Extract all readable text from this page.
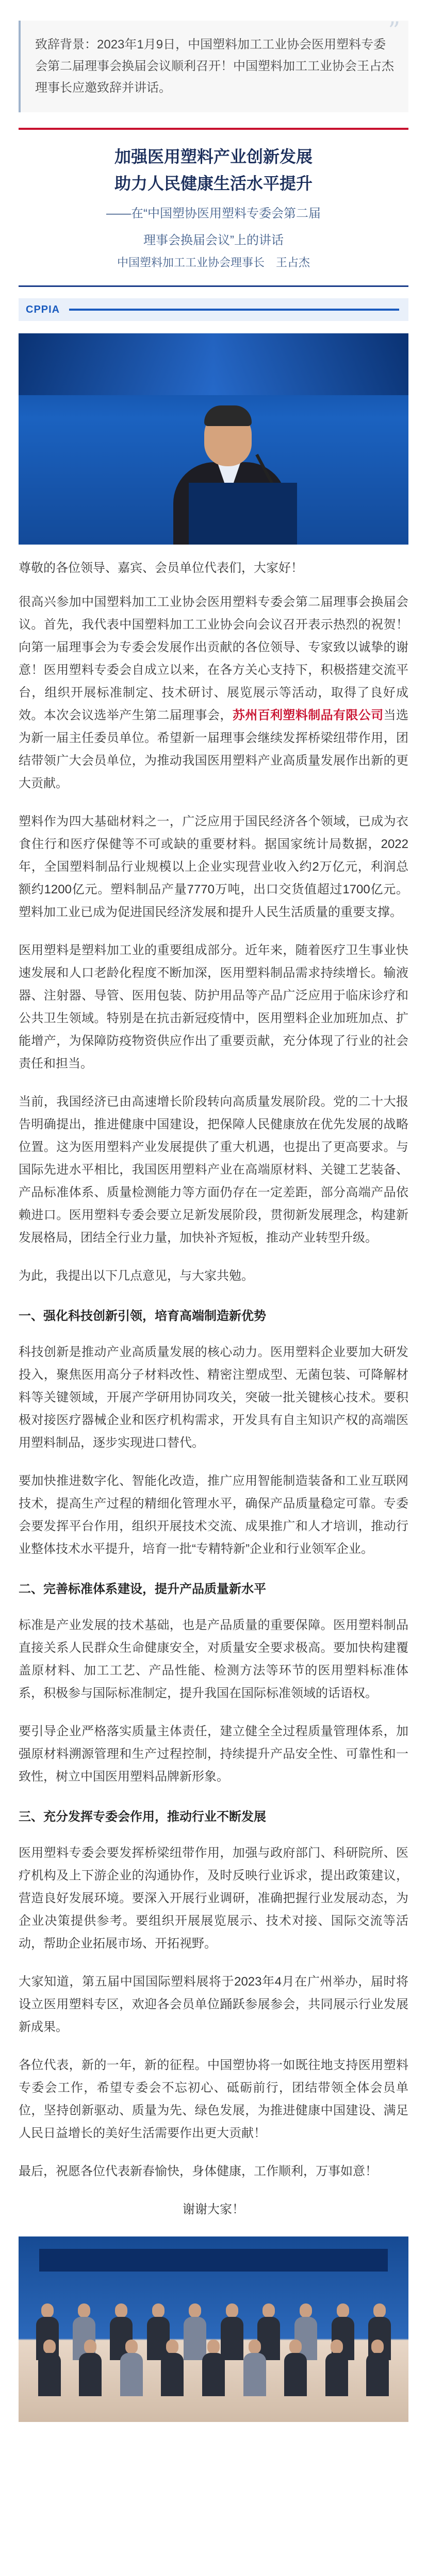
”
致辞背景：2023年1月9日，中国塑料加工工业协会医用塑料专委会第二届理事会换届会议顺利召开！中国塑料加工工业协会王占杰理事长应邀致辞并讲话。
加强医用塑料产业创新发展
助力人民健康生活水平提升
——在“中国塑协医用塑料专委会第二届
理事会换届会议”上的讲话
中国塑料加工工业协会理事长　王占杰
CPPIA

尊敬的各位领导、嘉宾、会员单位代表们，大家好！

很高兴参加中国塑料加工工业协会医用塑料专委会第二届理事会换届会议。首先，我代表中国塑料加工工业协会向会议召开表示热烈的祝贺！向第一届理事会为专委会发展作出贡献的各位领导、专家致以诚挚的谢意！医用塑料专委会自成立以来，在各方关心支持下，积极搭建交流平台，组织开展标准制定、技术研讨、展览展示等活动，取得了良好成效。本次会议选举产生第二届理事会，苏州百利塑料制品有限公司当选为新一届主任委员单位。希望新一届理事会继续发挥桥梁纽带作用，团结带领广大会员单位，为推动我国医用塑料产业高质量发展作出新的更大贡献。

塑料作为四大基础材料之一，广泛应用于国民经济各个领域，已成为衣食住行和医疗保健等不可或缺的重要材料。据国家统计局数据，2022年，全国塑料制品行业规模以上企业实现营业收入约2万亿元，利润总额约1200亿元。塑料制品产量7770万吨，出口交货值超过1700亿元。塑料加工业已成为促进国民经济发展和提升人民生活质量的重要支撑。

医用塑料是塑料加工业的重要组成部分。近年来，随着医疗卫生事业快速发展和人口老龄化程度不断加深，医用塑料制品需求持续增长。输液器、注射器、导管、医用包装、防护用品等产品广泛应用于临床诊疗和公共卫生领域。特别是在抗击新冠疫情中，医用塑料企业加班加点、扩能增产，为保障防疫物资供应作出了重要贡献，充分体现了行业的社会责任和担当。

当前，我国经济已由高速增长阶段转向高质量发展阶段。党的二十大报告明确提出，推进健康中国建设，把保障人民健康放在优先发展的战略位置。这为医用塑料产业发展提供了重大机遇，也提出了更高要求。与国际先进水平相比，我国医用塑料产业在高端原材料、关键工艺装备、产品标准体系、质量检测能力等方面仍存在一定差距，部分高端产品依赖进口。医用塑料专委会要立足新发展阶段，贯彻新发展理念，构建新发展格局，团结全行业力量，加快补齐短板，推动产业转型升级。

为此，我提出以下几点意见，与大家共勉。

一、强化科技创新引领，培育高端制造新优势

科技创新是推动产业高质量发展的核心动力。医用塑料企业要加大研发投入，聚焦医用高分子材料改性、精密注塑成型、无菌包装、可降解材料等关键领域，开展产学研用协同攻关，突破一批关键核心技术。要积极对接医疗器械企业和医疗机构需求，开发具有自主知识产权的高端医用塑料制品，逐步实现进口替代。

要加快推进数字化、智能化改造，推广应用智能制造装备和工业互联网技术，提高生产过程的精细化管理水平，确保产品质量稳定可靠。专委会要发挥平台作用，组织开展技术交流、成果推广和人才培训，推动行业整体技术水平提升，培育一批“专精特新”企业和行业领军企业。

二、完善标准体系建设，提升产品质量新水平

标准是产业发展的技术基础，也是产品质量的重要保障。医用塑料制品直接关系人民群众生命健康安全，对质量安全要求极高。要加快构建覆盖原材料、加工工艺、产品性能、检测方法等环节的医用塑料标准体系，积极参与国际标准制定，提升我国在国际标准领域的话语权。

要引导企业严格落实质量主体责任，建立健全全过程质量管理体系，加强原材料溯源管理和生产过程控制，持续提升产品安全性、可靠性和一致性，树立中国医用塑料品牌新形象。

三、充分发挥专委会作用，推动行业不断发展

医用塑料专委会要发挥桥梁纽带作用，加强与政府部门、科研院所、医疗机构及上下游企业的沟通协作，及时反映行业诉求，提出政策建议，营造良好发展环境。要深入开展行业调研，准确把握行业发展动态，为企业决策提供参考。要组织开展展览展示、技术对接、国际交流等活动，帮助企业拓展市场、开拓视野。

大家知道，第五届中国国际塑料展将于2023年4月在广州举办，届时将设立医用塑料专区，欢迎各会员单位踊跃参展参会，共同展示行业发展新成果。

各位代表，新的一年，新的征程。中国塑协将一如既往地支持医用塑料专委会工作，希望专委会不忘初心、砥砺前行，团结带领全体会员单位，坚持创新驱动、质量为先、绿色发展，为推进健康中国建设、满足人民日益增长的美好生活需要作出更大贡献！

最后，祝愿各位代表新春愉快，身体健康，工作顺利，万事如意！

谢谢大家！
